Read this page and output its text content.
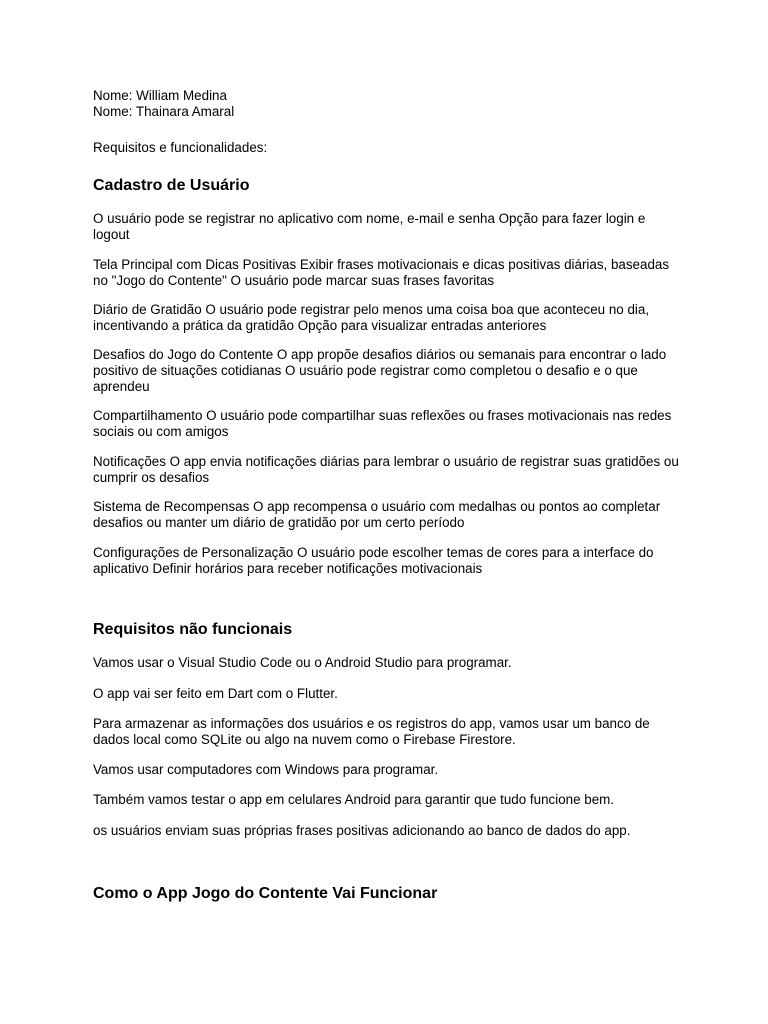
Nome: William Medina

Nome: Thainara Amaral

Requisitos e funcionalidades:

Cadastro de Usuário

O usuário pode se registrar no aplicativo com nome, e-mail e senha Opção para fazer login e logout

Tela Principal com Dicas Positivas Exibir frases motivacionais e dicas positivas diárias, baseadas no "Jogo do Contente" O usuário pode marcar suas frases favoritas

Diário de Gratidão O usuário pode registrar pelo menos uma coisa boa que aconteceu no dia, incentivando a prática da gratidão Opção para visualizar entradas anteriores

Desafios do Jogo do Contente O app propõe desafios diários ou semanais para encontrar o lado positivo de situações cotidianas O usuário pode registrar como completou o desafio e o que aprendeu

Compartilhamento O usuário pode compartilhar suas reflexões ou frases motivacionais nas redes sociais ou com amigos

Notificações O app envia notificações diárias para lembrar o usuário de registrar suas gratidões ou cumprir os desafios

Sistema de Recompensas O app recompensa o usuário com medalhas ou pontos ao completar desafios ou manter um diário de gratidão por um certo período

Configurações de Personalização O usuário pode escolher temas de cores para a interface do aplicativo Definir horários para receber notificações motivacionais

Requisitos não funcionais

Vamos usar o Visual Studio Code ou o Android Studio para programar.

O app vai ser feito em Dart com o Flutter.

Para armazenar as informações dos usuários e os registros do app, vamos usar um banco de dados local como SQLite ou algo na nuvem como o Firebase Firestore.

Vamos usar computadores com Windows para programar.

Também vamos testar o app em celulares Android para garantir que tudo funcione bem.

os usuários enviam suas próprias frases positivas adicionando ao banco de dados do app.

Como o App Jogo do Contente Vai Funcionar
